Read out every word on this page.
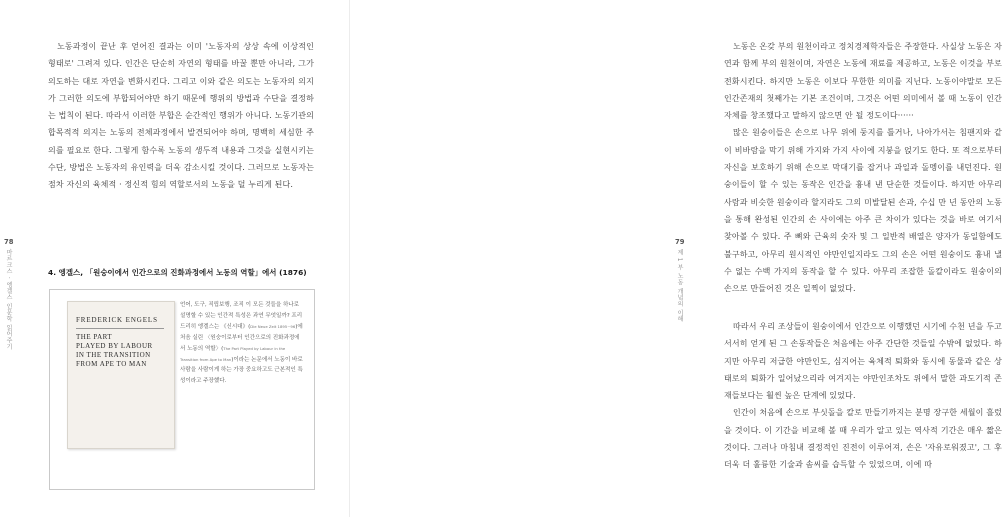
노동과정이 끝난 후 얻어진 결과는 이미 '노동자의 상상 속에 이상적인 형태로' 그려져 있다. 인간은 단순히 자연의 형태를 바꿀 뿐만 아니라, 그가 의도하는 대로 자연을 변화시킨다. 그리고 이와 같은 의도는 노동자의 의지가 그러한 의도에 부합되어야만 하기 때문에 행위의 방법과 수단을 결정하는 법칙이 된다. 따라서 이러한 부합은 순간적인 행위가 아니다. 노동기관의 합목적적 의지는 노동의 전체과정에서 발견되어야 하며, 명백히 세심한 주의를 필요로 한다. 그렇게 함수록 노동의 생두적 내용과 그것을 실현시키는 수단, 방법은 노동자의 유인력을 더욱 감소시킬 것이다. 그러므로 노동자는 점차 자신의 육체적 · 정신적 힘의 역할로서의 노동을 덜 누리게 된다.

4. 엥겔스, 「원숭이에서 인간으로의 진화과정에서 노동의 역할」에서 (1876)
FREDERICK ENGELS
THE PART
PLAYED BY LABOUR
IN THE TRANSITION
FROM APE TO MAN
언어, 도구, 직립보행, 조직 이 모든 것들을 하나로 설명할 수 있는 인간적 특성은 과연 무엇일까? 프리드리히 엥겔스는 《신시대》(Die Neue Zeit 1895~96)에 처음 실린 〈원숭이로부터 인간으로의 진화과정에서 노동의 역할〉(The Part Played by Labour in the Transition from Ape to Man)이라는 논문에서 노동이 바로 사람을 사람이게 하는 가장 중요하고도 근본적인 특성이라고 주장했다.
78
마르크스 · 엥겔스 인문학 읽어주기

노동은 온갖 부의 원천이라고 정치경제학자들은 주장한다. 사실상 노동은 자연과 함께 부의 원천이며, 자연은 노동에 재료를 제공하고, 노동은 이것을 부로 전화시킨다. 하지만 노동은 이보다 무한한 의미를 지닌다. 노동이야말로 모든 인간존재의 첫째가는 기본 조건이며, 그것은 어떤 의미에서 볼 때 노동이 인간 자체를 창조했다고 말하지 않으면 안 될 정도이다······

많은 원숭이들은 손으로 나무 위에 둥지를 틀거나, 나아가서는 침팬지와 같이 비바람을 막기 위해 가지와 가지 사이에 지붕을 얹기도 한다. 또 적으로부터 자신을 보호하기 위해 손으로 막대기를 잡거나 과일과 돌멩이를 내던진다. 원숭이들이 할 수 있는 동작은 인간을 흉내 낸 단순한 것들이다. 하지만 아무리 사람과 비슷한 원숭이라 할지라도 그의 미발달된 손과, 수십 만 년 동안의 노동을 통해 완성된 인간의 손 사이에는 아주 큰 차이가 있다는 것을 바로 여기서 찾아볼 수 있다. 주 뼈와 근육의 숫자 및 그 일반적 배열은 양자가 동일함에도 불구하고, 아무리 원시적인 야만인일지라도 그의 손은 어떤 원숭이도 흉내 낼 수 없는 수백 가지의 동작을 할 수 있다. 아무리 조잡한 돌칼이라도 원숭이의 손으로 만들어진 것은 일찍이 없었다.

따라서 우리 조상들이 원숭이에서 인간으로 이행했던 시기에 수천 년을 두고 서서히 얻게 된 그 손동작들은 처음에는 아주 간단한 것들일 수밖에 없었다. 하지만 아무리 저급한 야만인도, 심지어는 육체적 퇴화와 동시에 동물과 같은 상태로의 퇴화가 일어났으리라 여겨지는 야만인조차도 위에서 말한 과도기적 존재들보다는 훨씬 높은 단계에 있었다.

인간이 처음에 손으로 부싯돌을 칼로 만들기까지는 분명 장구한 세월이 흘렀을 것이다. 이 기간을 비교해 볼 때 우리가 알고 있는 역사적 기간은 매우 짧은 것이다. 그러나 마침내 결정적인 진전이 이루어져, 손은 '자유로워졌고', 그 후 더욱 더 훌륭한 기술과 솜씨를 습득할 수 있었으며, 이에 따

79
제 1 부 노동 개념의 이해
